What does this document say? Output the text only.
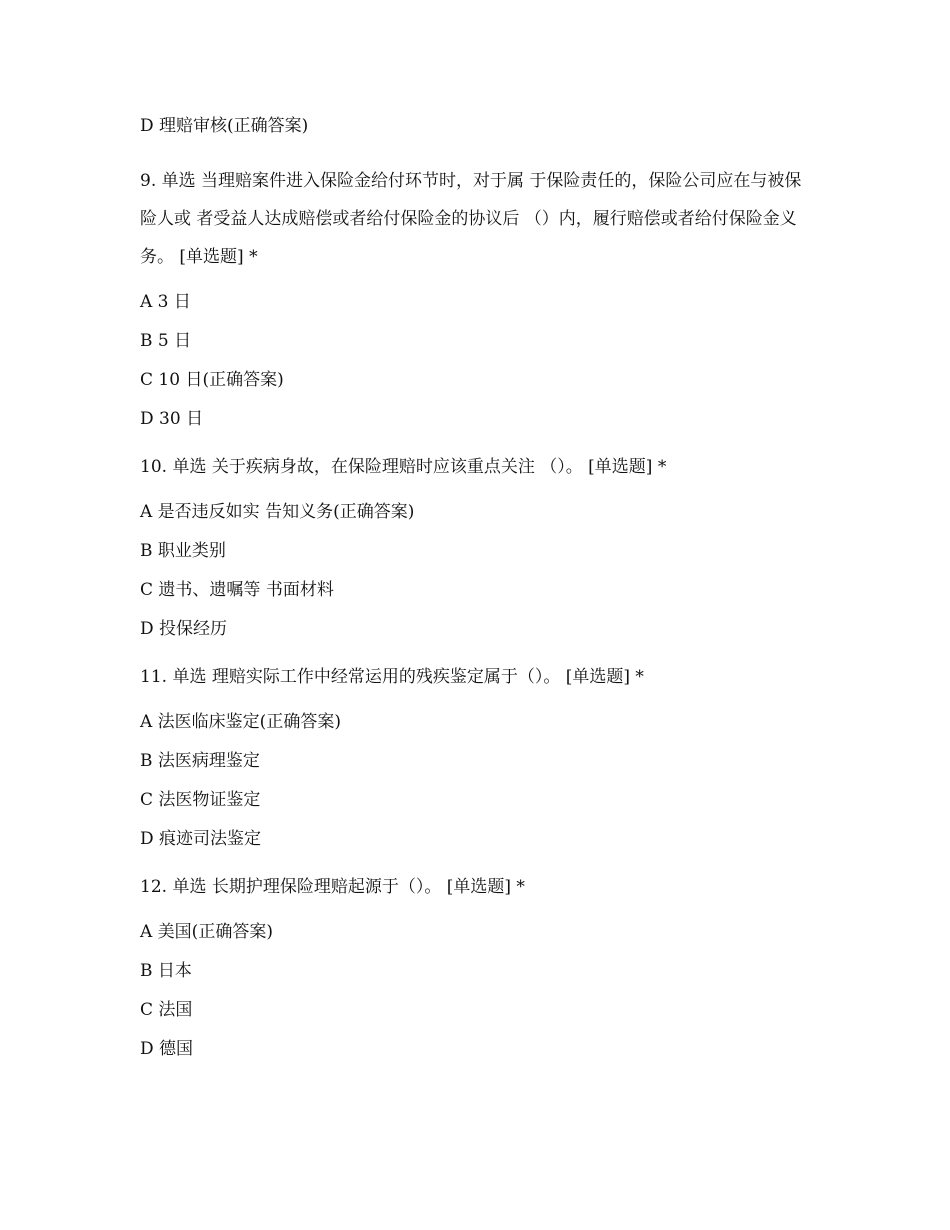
D 理赔审核(正确答案)

9. 单选 当理赔案件进入保险金给付环节时，对于属 于保险责任的，保险公司应在与被保险人或 者受益人达成赔偿或者给付保险金的协议后 （）内，履行赔偿或者给付保险金义务。 [单选题] *

A 3 日

B 5 日

C 10 日(正确答案)

D 30 日

10. 单选 关于疾病身故，在保险理赔时应该重点关注 （）。 [单选题] *

A 是否违反如实 告知义务(正确答案)

B 职业类别

C 遗书、遗嘱等 书面材料

D 投保经历

11. 单选 理赔实际工作中经常运用的残疾鉴定属于（）。 [单选题] *

A 法医临床鉴定(正确答案)

B 法医病理鉴定

C 法医物证鉴定

D 痕迹司法鉴定

12. 单选 长期护理保险理赔起源于（）。 [单选题] *

A 美国(正确答案)

B 日本

C 法国

D 德国
